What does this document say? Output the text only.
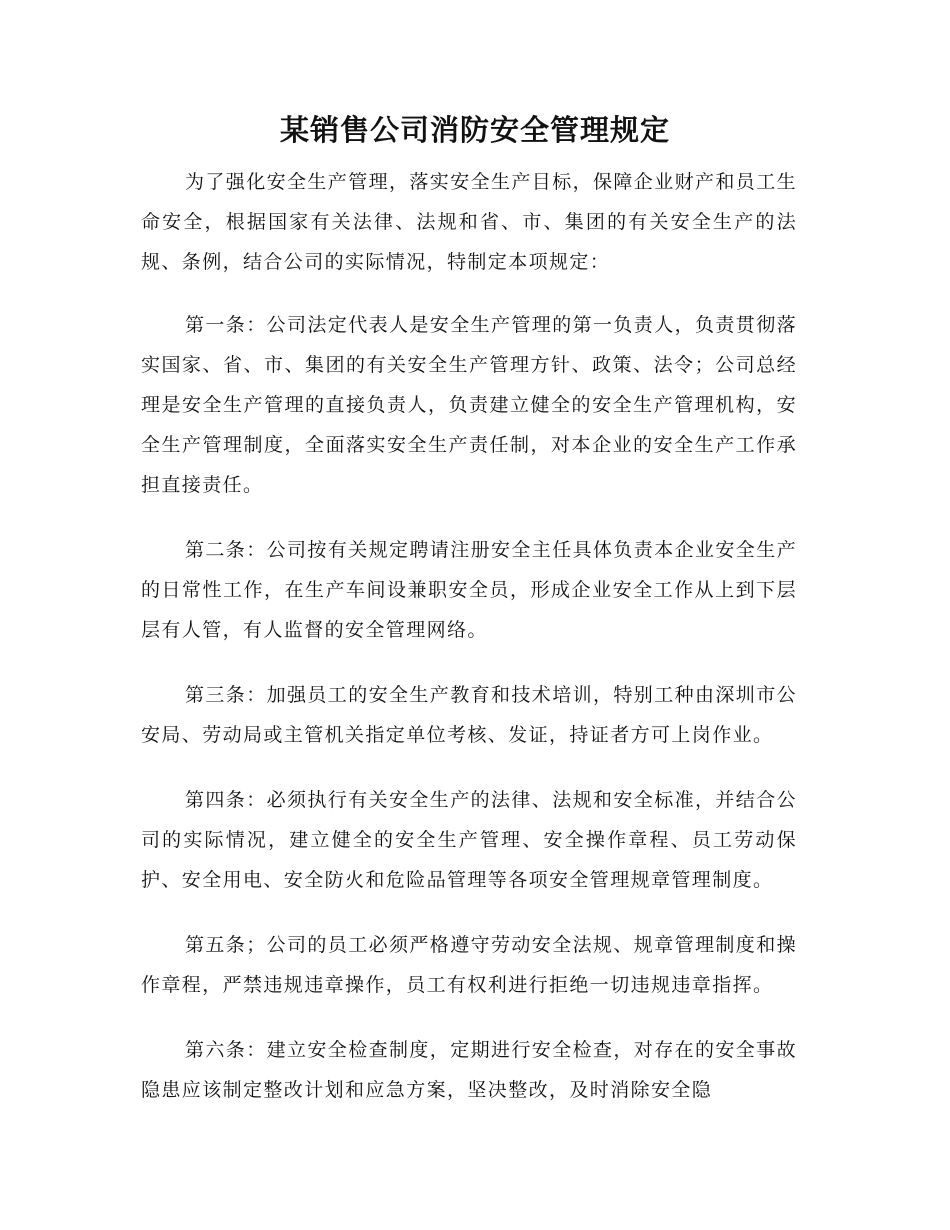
某销售公司消防安全管理规定

为了强化安全生产管理，落实安全生产目标，保障企业财产和员工生命安全，根据国家有关法律、法规和省、市、集团的有关安全生产的法规、条例，结合公司的实际情况，特制定本项规定：

第一条：公司法定代表人是安全生产管理的第一负责人，负责贯彻落实国家、省、市、集团的有关安全生产管理方针、政策、法令；公司总经理是安全生产管理的直接负责人，负责建立健全的安全生产管理机构，安全生产管理制度，全面落实安全生产责任制，对本企业的安全生产工作承担直接责任。

第二条：公司按有关规定聘请注册安全主任具体负责本企业安全生产的日常性工作，在生产车间设兼职安全员，形成企业安全工作从上到下层层有人管，有人监督的安全管理网络。

第三条：加强员工的安全生产教育和技术培训，特别工种由深圳市公安局、劳动局或主管机关指定单位考核、发证，持证者方可上岗作业。

第四条：必须执行有关安全生产的法律、法规和安全标准，并结合公司的实际情况，建立健全的安全生产管理、安全操作章程、员工劳动保护、安全用电、安全防火和危险品管理等各项安全管理规章管理制度。

第五条；公司的员工必须严格遵守劳动安全法规、规章管理制度和操作章程，严禁违规违章操作，员工有权利进行拒绝一切违规违章指挥。

第六条：建立安全检查制度，定期进行安全检查，对存在的安全事故隐患应该制定整改计划和应急方案，坚决整改，及时消除安全隐
